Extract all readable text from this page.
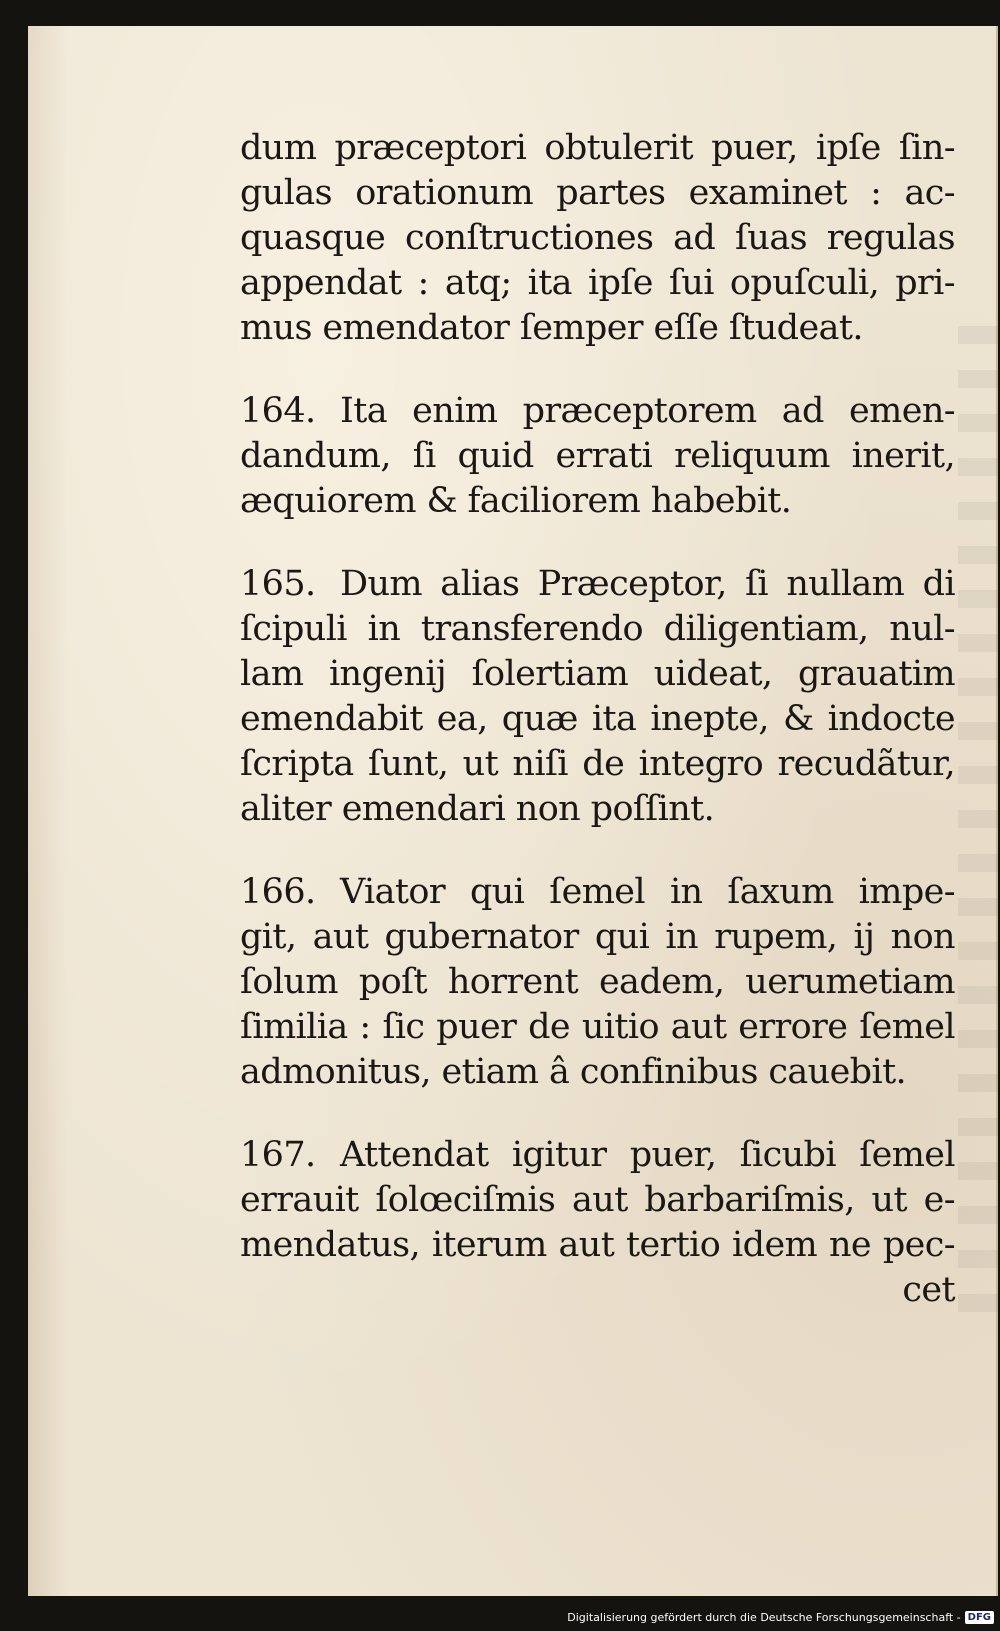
dum præceptori obtulerit puer, ipſe ſin-
gulas orationum partes examinet : ac-
quasque conſtructiones ad ſuas regulas
appendat : atq; ita ipſe ſui opuſculi, pri-
mus emendator ſemper eſſe ſtudeat.
164. Ita enim præceptorem ad emen-
dandum, ſi quid errati reliquum inerit,
æquiorem & faciliorem habebit.
165. Dum alias Præceptor, ſi nullam di
ſcipuli in transferendo diligentiam, nul-
lam ingenij ſolertiam uideat, grauatim
emendabit ea, quæ ita inepte, & indocte
ſcripta ſunt, ut niſi de integro recudãtur,
aliter emendari non poſſint.
166. Viator qui ſemel in ſaxum impe-
git, aut gubernator qui in rupem, ij non
ſolum poſt horrent eadem, uerumetiam
ſimilia : ſic puer de uitio aut errore ſemel
admonitus, etiam â confinibus cauebit.
167. Attendat igitur puer, ſicubi ſemel
errauit ſolœciſmis aut barbariſmis, ut e-
mendatus, iterum aut tertio idem ne pec-
cet
Digitalisierung gefördert durch die Deutsche Forschungsgemeinschaft - DFG
